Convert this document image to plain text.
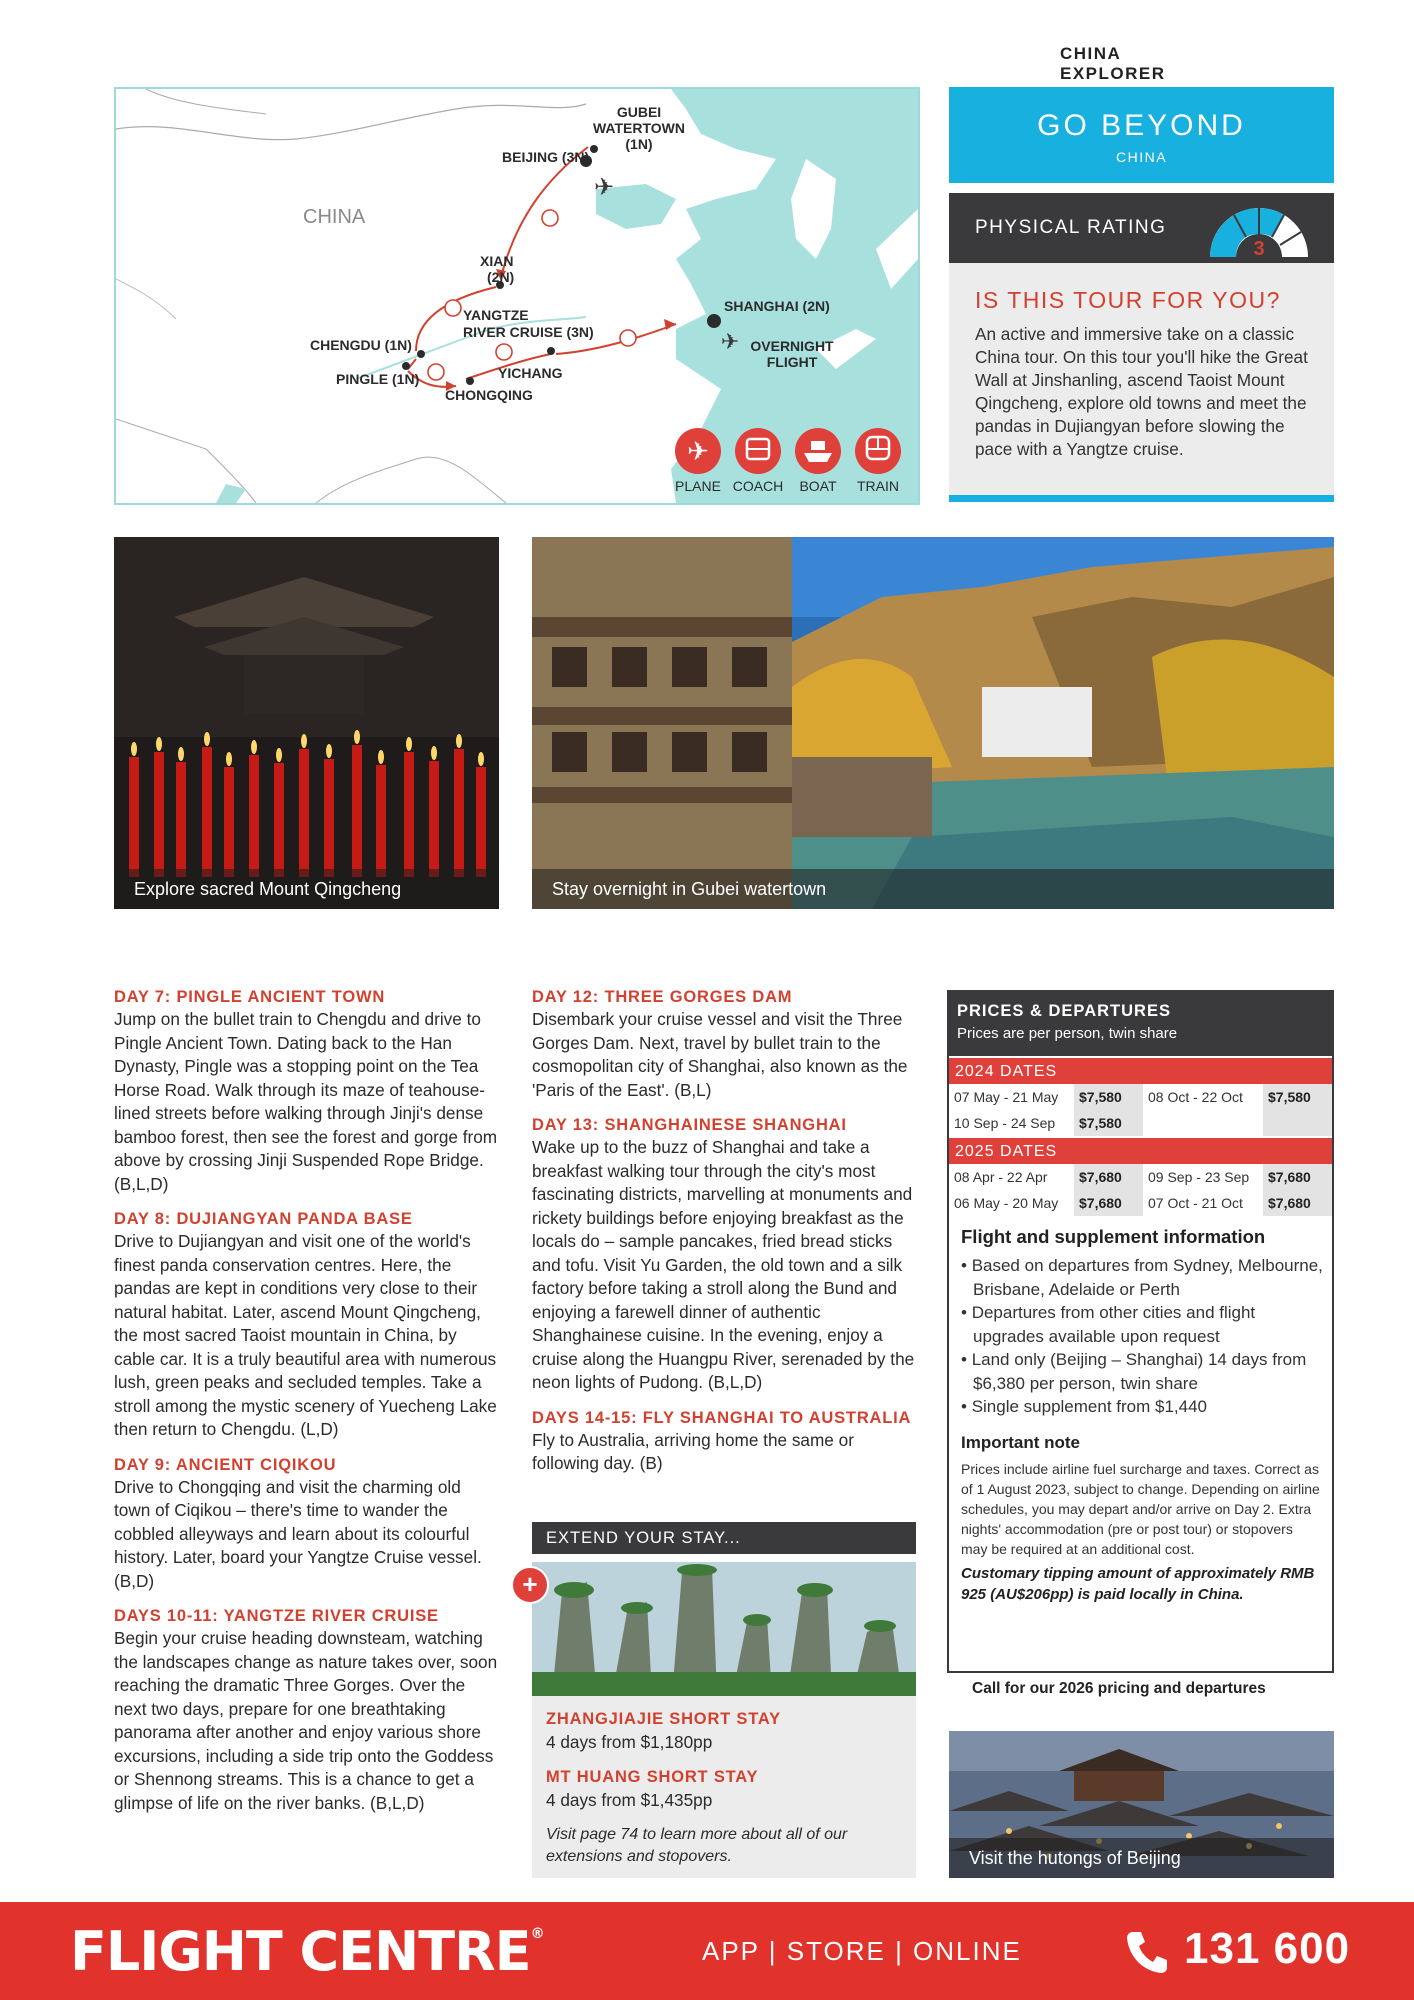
CHINA EXPLORER
✈
✈
CHINA
GUBEI
WATERTOWN
(1N)
BEIJING (3N)
XIAN
(2N)
YANGTZE
RIVER CRUISE (3N)
SHANGHAI (2N)
OVERNIGHT
FLIGHT
CHENGDU (1N)
PINGLE (1N)	YICHANG
CHONGQING
✈
PLANE COACH BOAT TRAIN
GO BEYOND
CHINA
PHYSICAL RATING
3
IS THIS TOUR FOR YOU?
An active and immersive take on a classic China tour. On this tour you'll hike the Great Wall at Jinshanling, ascend Taoist Mount Qingcheng, explore old towns and meet the pandas in Dujiangyan before slowing the pace with a Yangtze cruise.
Explore sacred Mount Qingcheng	Stay overnight in Gubei watertown
DAY 7: PINGLE ANCIENT TOWN

Jump on the bullet train to Chengdu and drive to Pingle Ancient Town. Dating back to the Han Dynasty, Pingle was a stopping point on the Tea Horse Road. Walk through its maze of teahouse-lined streets before walking through Jinji's dense bamboo forest, then see the forest and gorge from above by crossing Jinji Suspended Rope Bridge. (B,L,D)

DAY 8: DUJIANGYAN PANDA BASE

Drive to Dujiangyan and visit one of the world's finest panda conservation centres. Here, the pandas are kept in conditions very close to their natural habitat. Later, ascend Mount Qingcheng, the most sacred Taoist mountain in China, by cable car. It is a truly beautiful area with numerous lush, green peaks and secluded temples. Take a stroll among the mystic scenery of Yuecheng Lake then return to Chengdu. (L,D)

DAY 9: ANCIENT CIQIKOU

Drive to Chongqing and visit the charming old town of Ciqikou – there's time to wander the cobbled alleyways and learn about its colourful history. Later, board your Yangtze Cruise vessel. (B,D)

DAYS 10-11: YANGTZE RIVER CRUISE

Begin your cruise heading downsteam, watching the landscapes change as nature takes over, soon reaching the dramatic Three Gorges. Over the next two days, prepare for one breathtaking panorama after another and enjoy various shore excursions, including a side trip onto the Goddess or Shennong streams. This is a chance to get a glimpse of life on the river banks. (B,L,D)

DAY 12: THREE GORGES DAM

Disembark your cruise vessel and visit the Three Gorges Dam. Next, travel by bullet train to the cosmopolitan city of Shanghai, also known as the 'Paris of the East'. (B,L)

DAY 13: SHANGHAINESE SHANGHAI

Wake up to the buzz of Shanghai and take a breakfast walking tour through the city's most fascinating districts, marvelling at monuments and rickety buildings before enjoying breakfast as the locals do – sample pancakes, fried bread sticks and tofu. Visit Yu Garden, the old town and a silk factory before taking a stroll along the Bund and enjoying a farewell dinner of authentic Shanghainese cuisine. In the evening, enjoy a cruise along the Huangpu River, serenaded by the neon lights of Pudong. (B,L,D)

DAYS 14-15: FLY SHANGHAI TO AUSTRALIA

Fly to Australia, arriving home the same or following day. (B)

EXTEND YOUR STAY...
+
ZHANGJIAJIE SHORT STAY
4 days from $1,180pp
MT HUANG SHORT STAY
4 days from $1,435pp
Visit page 74 to learn more about all of our extensions and stopovers.
PRICES & DEPARTURES
Prices are per person, twin share
2024 DATES
07 May - 21 May	$7,580	08 Oct - 22 Oct	$7,580
10 Sep - 24 Sep	$7,580
2025 DATES
08 Apr - 22 Apr	$7,680	09 Sep - 23 Sep	$7,680
06 May - 20 May	$7,680	07 Oct - 21 Oct	$7,680
Flight and supplement information
• Based on departures from Sydney, Melbourne, Brisbane, Adelaide or Perth
• Departures from other cities and flight upgrades available upon request
• Land only (Beijing – Shanghai) 14 days from $6,380 per person, twin share
• Single supplement from $1,440
Important note
Prices include airline fuel surcharge and taxes. Correct as of 1 August 2023, subject to change. Depending on airline schedules, you may depart and/or arrive on Day 2. Extra nights' accommodation (pre or post tour) or stopovers may be required at an additional cost.
Customary tipping amount of approximately RMB 925 (AU$206pp) is paid locally in China.
Call for our 2026 pricing and departures
Visit the hutongs of Beijing
FLIGHT CENTRE®
APP | STORE | ONLINE	131 600
